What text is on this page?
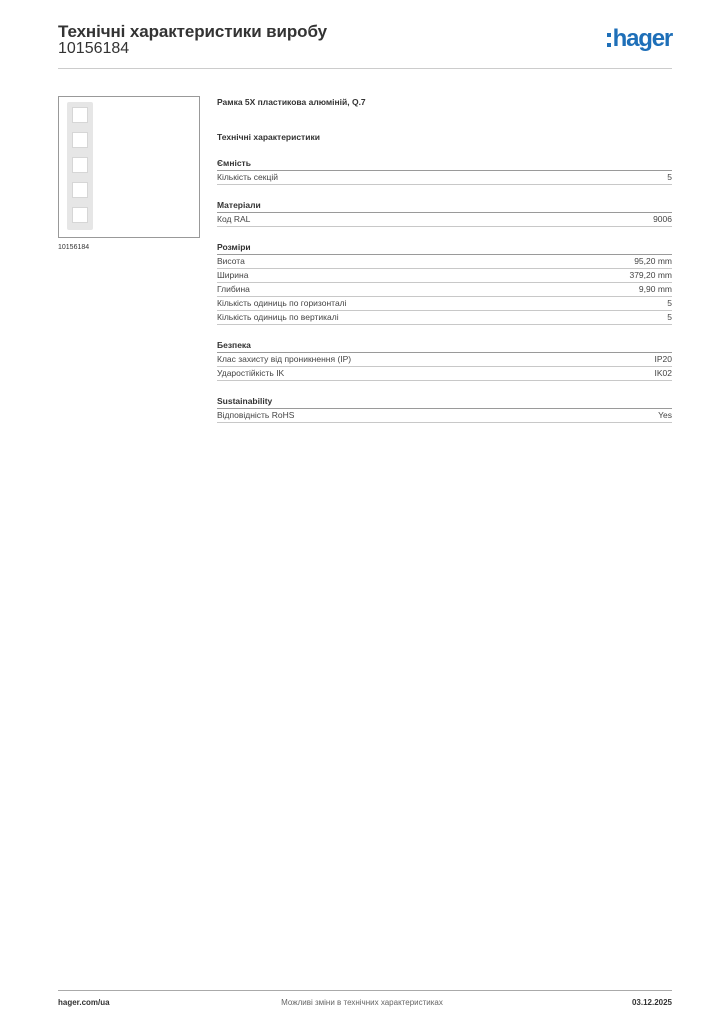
Технічні характеристики виробу
10156184	hager
10156184
Рамка 5X пластикова алюміній, Q.7
Технічні характеристики
Ємність
Кількість секцій	5
Матеріали
Код RAL	9006
Розміри
Висота	95,20 mm
Ширина	379,20 mm
Глибина	9,90 mm
Кількість одиниць по горизонталі	5
Кількість одиниць по вертикалі	5
Безпека
Клас захисту від проникнення (IP)	IP20
Ударостійкість IK	IK02
Sustainability
Відповідність RoHS	Yes
hager.com/ua	Можливі зміни в технічних характеристиках	03.12.2025
